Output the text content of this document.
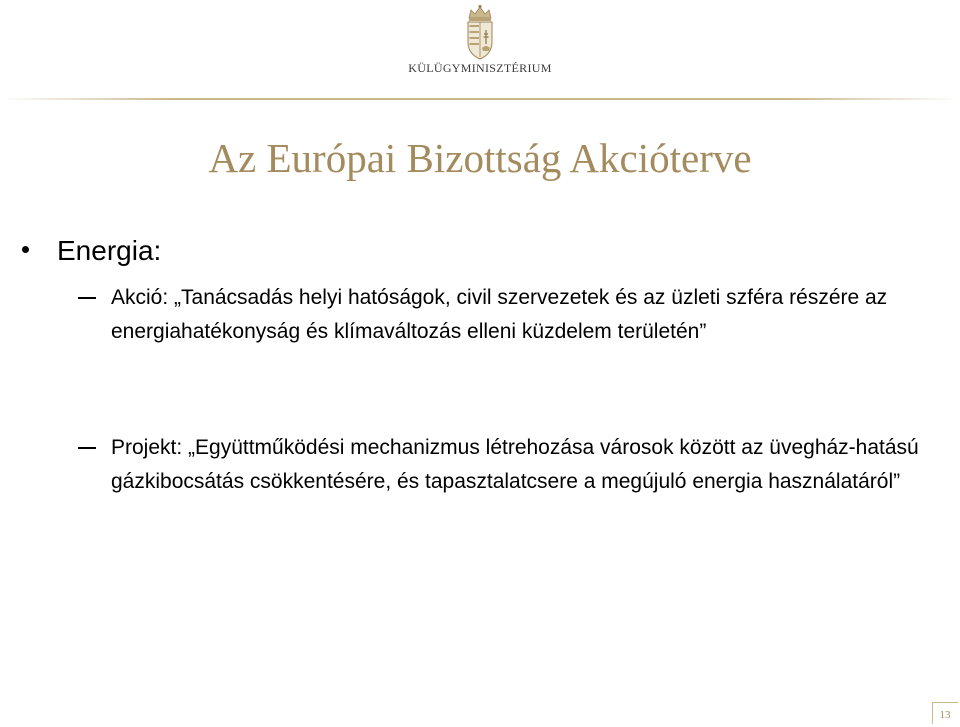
KÜLÜGYMINISZTÉRIUM
Az Európai Bizottság Akcióterve
Energia:
Akció: „Tanácsadás helyi hatóságok, civil szervezetek és az üzleti szféra részére az energiahatékonyság és klímaváltozás elleni küzdelem területén”
Projekt: „Együttműködési mechanizmus létrehozása városok között az üvegház-hatású gázkibocsátás csökkentésére, és tapasztalatcsere a megújuló energia használatáról”
13
